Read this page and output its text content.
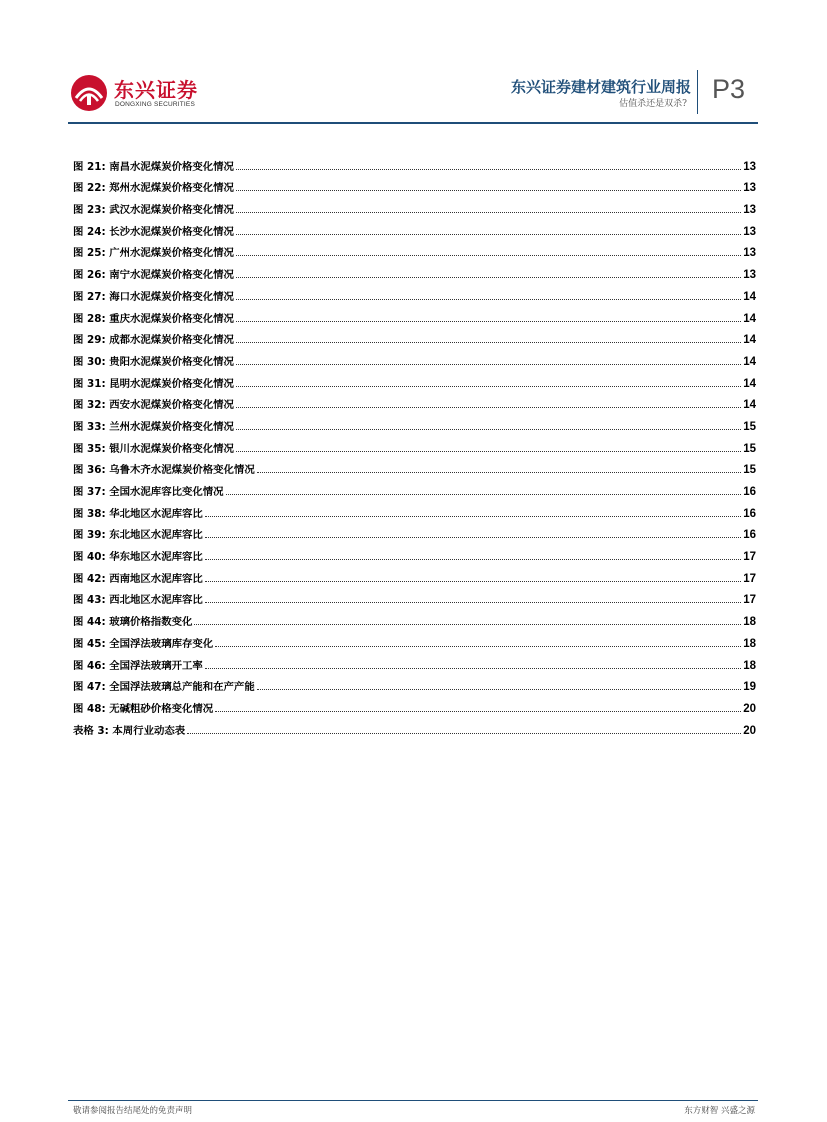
东兴证券
DONGXING SECURITIES
东兴证券建材建筑行业周报
估值杀还是双杀? P3
图 21: 南昌水泥煤炭价格变化情况	13
图 22: 郑州水泥煤炭价格变化情况	13
图 23: 武汉水泥煤炭价格变化情况	13
图 24: 长沙水泥煤炭价格变化情况	13
图 25: 广州水泥煤炭价格变化情况	13
图 26: 南宁水泥煤炭价格变化情况	13
图 27: 海口水泥煤炭价格变化情况	14
图 28: 重庆水泥煤炭价格变化情况	14
图 29: 成都水泥煤炭价格变化情况	14
图 30: 贵阳水泥煤炭价格变化情况	14
图 31: 昆明水泥煤炭价格变化情况	14
图 32: 西安水泥煤炭价格变化情况	14
图 33: 兰州水泥煤炭价格变化情况	15
图 35: 银川水泥煤炭价格变化情况	15
图 36: 乌鲁木齐水泥煤炭价格变化情况	15
图 37: 全国水泥库容比变化情况	16
图 38: 华北地区水泥库容比	16
图 39: 东北地区水泥库容比	16
图 40: 华东地区水泥库容比	17
图 42: 西南地区水泥库容比	17
图 43: 西北地区水泥库容比	17
图 44: 玻璃价格指数变化	18
图 45: 全国浮法玻璃库存变化	18
图 46: 全国浮法玻璃开工率	18
图 47: 全国浮法玻璃总产能和在产产能	19
图 48: 无碱粗砂价格变化情况	20
表格 3: 本周行业动态表	20
敬请参阅报告结尾处的免责声明	东方财智 兴盛之源
